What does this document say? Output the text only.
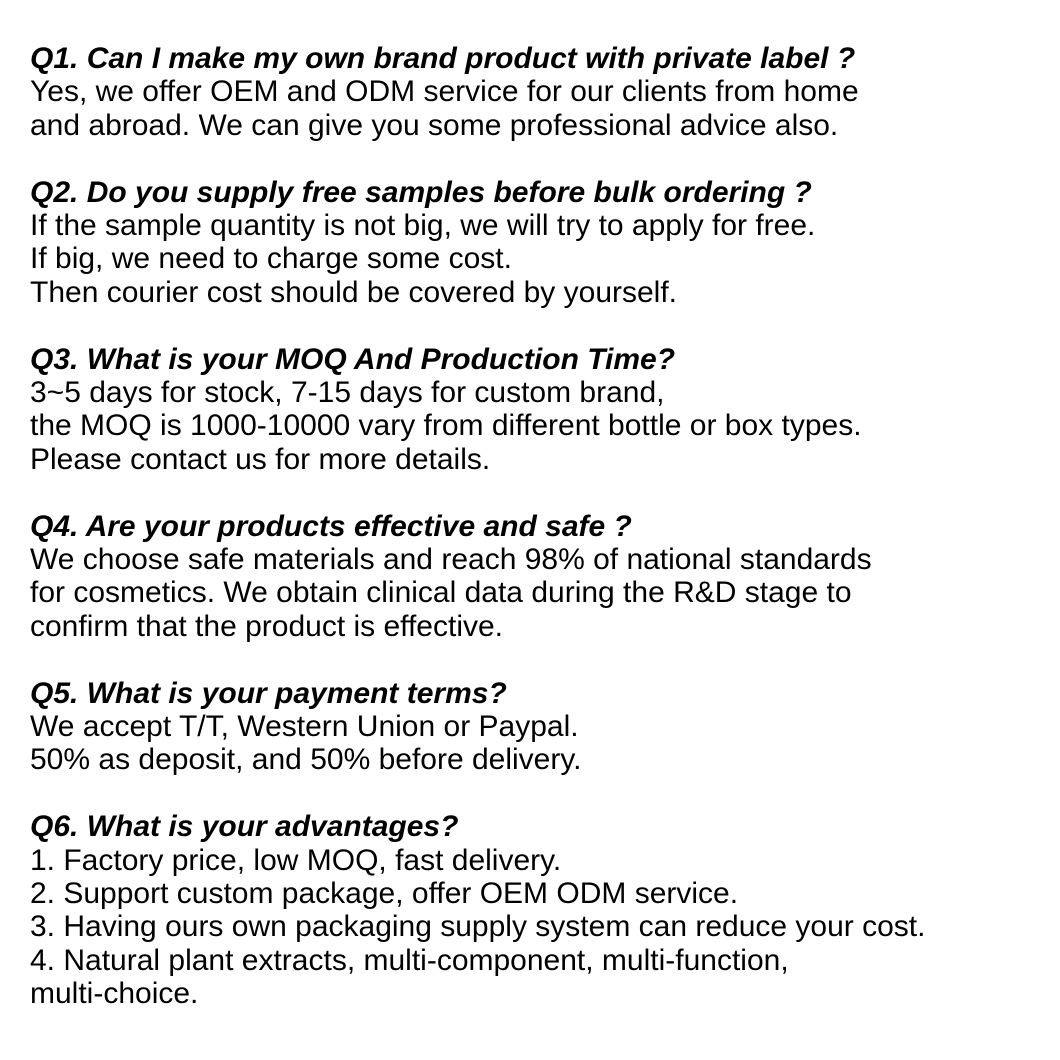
Q1. Can I make my own brand product with private label ?
Yes, we offer OEM and ODM service for our clients from home
and abroad. We can give you some professional advice also.
Q2. Do you supply free samples before bulk ordering ?
If the sample quantity is not big, we will try to apply for free.
If big, we need to charge some cost.
Then courier cost should be covered by yourself.
Q3. What is your MOQ And Production Time?
3~5 days for stock, 7-15 days for custom brand,
the MOQ is 1000-10000 vary from different bottle or box types.
Please contact us for more details.
Q4. Are your products effective and safe ?
We choose safe materials and reach 98% of national standards
for cosmetics. We obtain clinical data during the R&D stage to
confirm that the product is effective.
Q5. What is your payment terms?
We accept T/T, Western Union or Paypal.
50% as deposit, and 50% before delivery.
Q6. What is your advantages?
1. Factory price, low MOQ, fast delivery.
2. Support custom package, offer OEM ODM service.
3. Having ours own packaging supply system can reduce your cost.
4. Natural plant extracts, multi-component, multi-function,
multi-choice.
